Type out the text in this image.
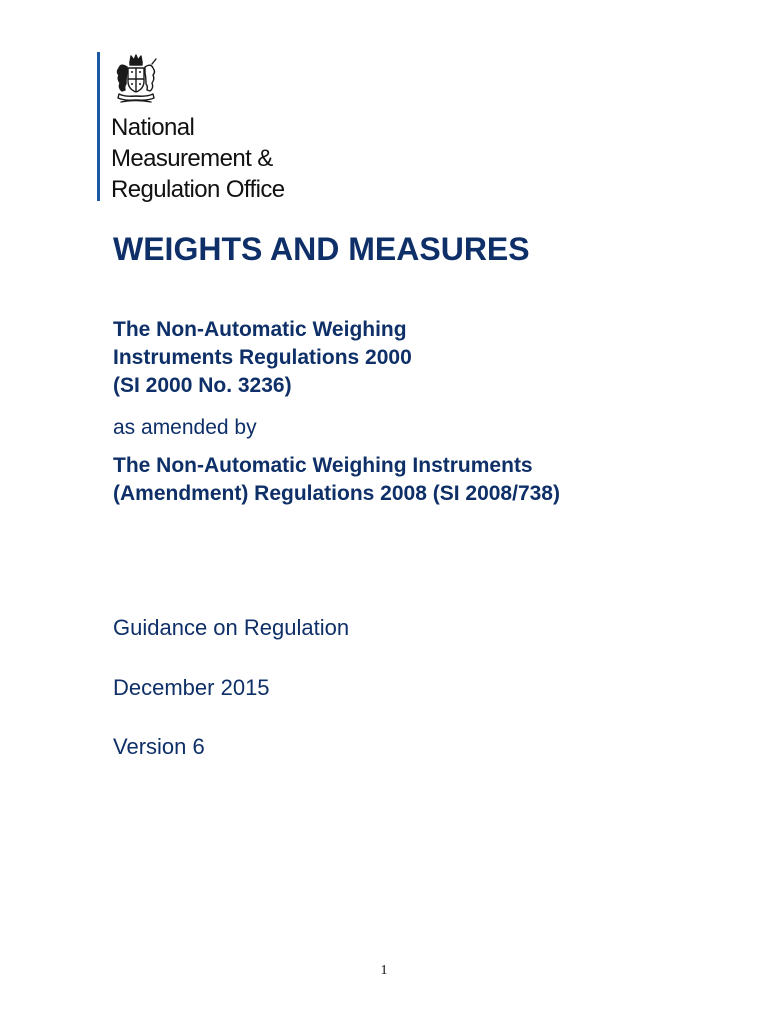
National
Measurement &
Regulation Office
WEIGHTS AND MEASURES

The Non-Automatic Weighing
Instruments Regulations 2000
(SI 2000 No. 3236)

as amended by

The Non-Automatic Weighing Instruments
(Amendment) Regulations 2008 (SI 2008/738)

Guidance on Regulation

December 2015

Version 6

1
